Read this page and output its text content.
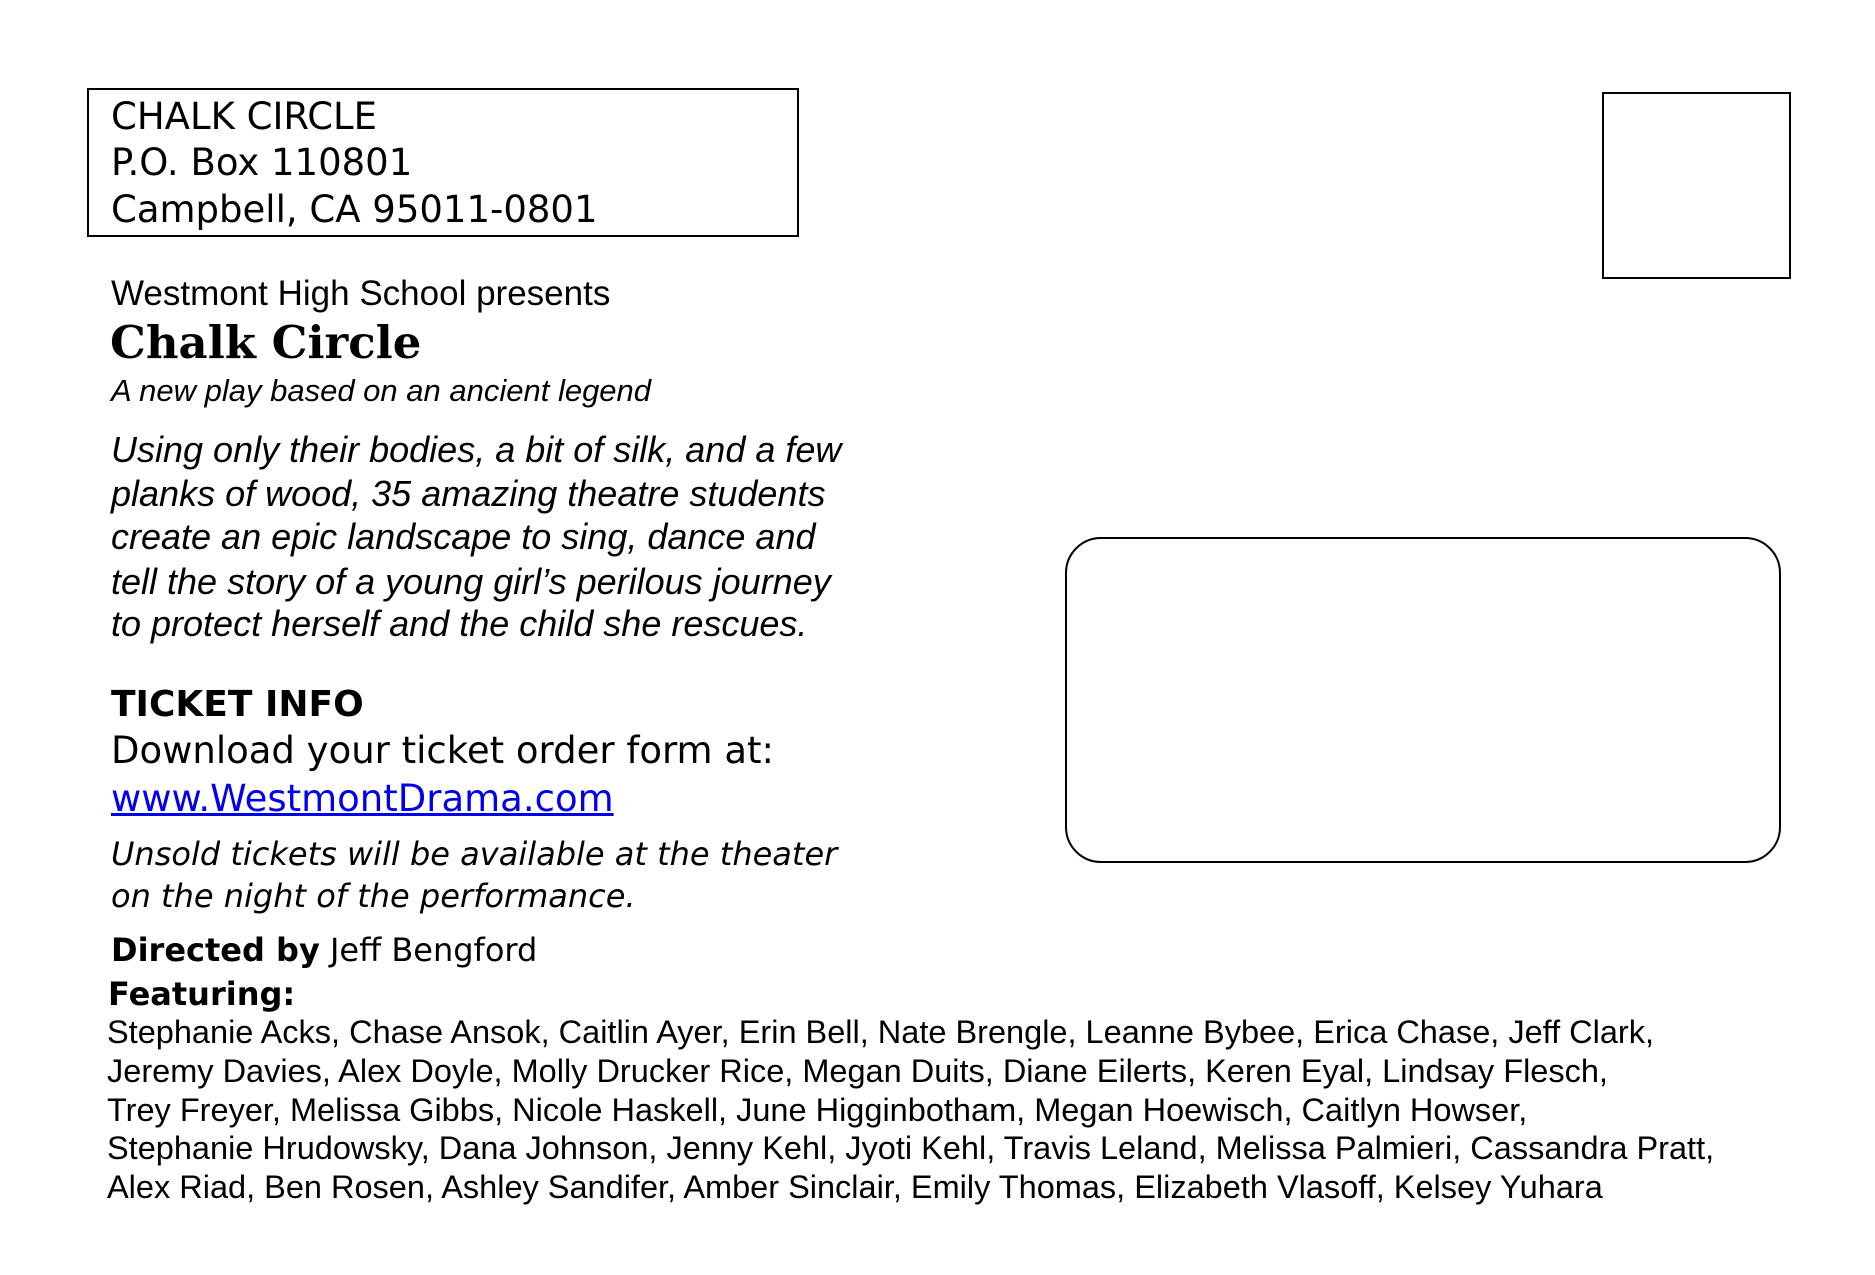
CHALK CIRCLE
P.O. Box 110801
Campbell, CA 95011-0801
Westmont High School presents
Chalk Circle
A new play based on an ancient legend
Using only their bodies, a bit of silk, and a few
planks of wood, 35 amazing theatre students
create an epic landscape to sing, dance and
tell the story of a young girl’s perilous journey
to protect herself and the child she rescues.
TICKET INFO
Download your ticket order form at:
www.WestmontDrama.com
Unsold tickets will be available at the theater
on the night of the performance.
Directed by Jeff Bengford
Featuring:
Stephanie Acks, Chase Ansok, Caitlin Ayer, Erin Bell, Nate Brengle, Leanne Bybee, Erica Chase, Jeff Clark,
Jeremy Davies, Alex Doyle, Molly Drucker Rice, Megan Duits, Diane Eilerts, Keren Eyal, Lindsay Flesch,
Trey Freyer, Melissa Gibbs, Nicole Haskell, June Higginbotham, Megan Hoewisch, Caitlyn Howser,
Stephanie Hrudowsky, Dana Johnson, Jenny Kehl, Jyoti Kehl, Travis Leland, Melissa Palmieri, Cassandra Pratt,
Alex Riad, Ben Rosen, Ashley Sandifer, Amber Sinclair, Emily Thomas, Elizabeth Vlasoff, Kelsey Yuhara
